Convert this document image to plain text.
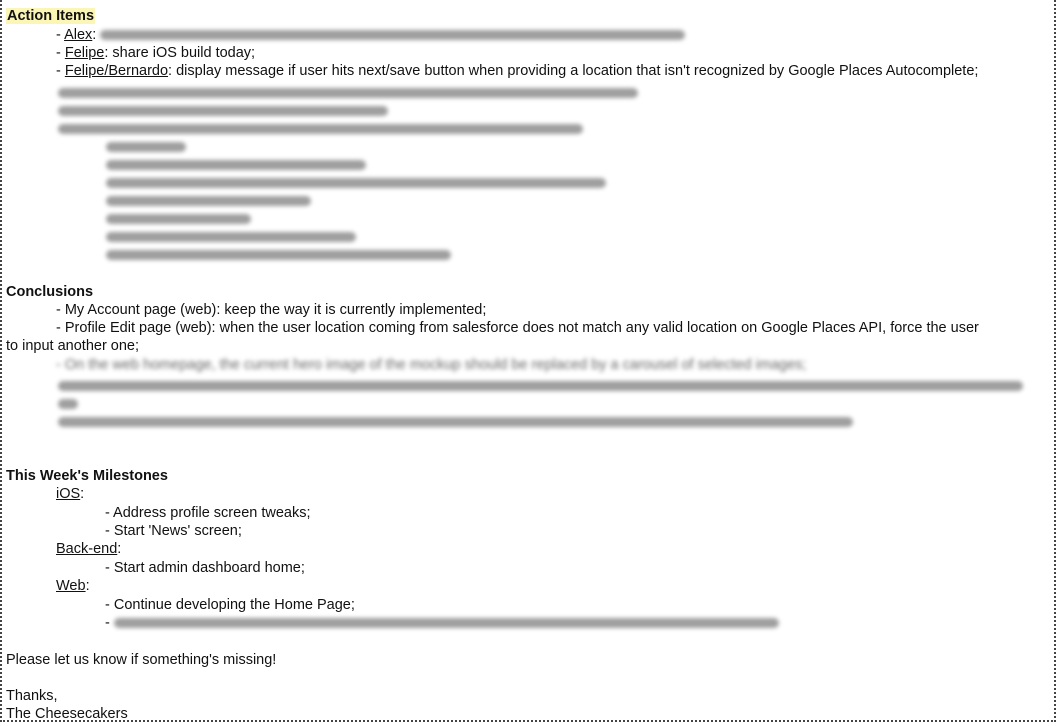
Action Items
- Alex:
- Felipe: share iOS build today;
- Felipe/Bernardo: display message if user hits next/save button when providing a location that isn't recognized by Google Places Autocomplete;
Conclusions
- My Account page (web): keep the way it is currently implemented;
- Profile Edit page (web): when the user location coming from salesforce does not match any valid location on Google Places API, force the user
to input another one;
- On the web homepage, the current hero image of the mockup should be replaced by a carousel of selected images;
This Week's Milestones
iOS:
- Address profile screen tweaks;
- Start 'News' screen;
Back-end:
- Start admin dashboard home;
Web:
- Continue developing the Home Page;
-
Please let us know if something's missing!
Thanks,
The Cheesecakers
